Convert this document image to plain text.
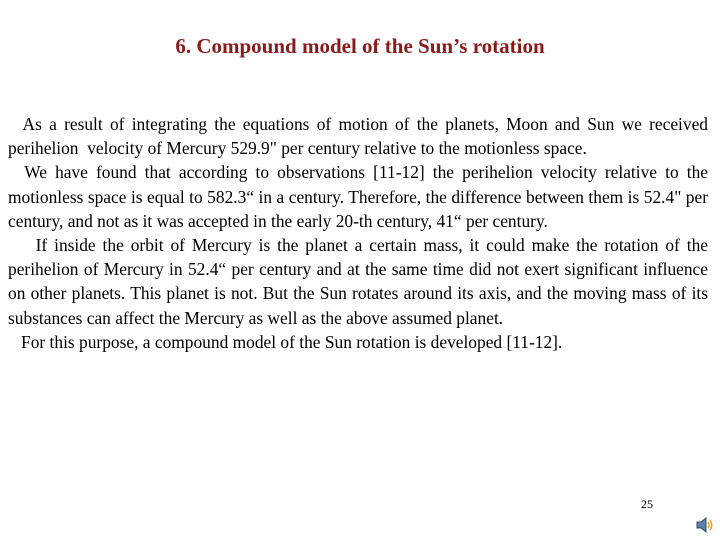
6. Compound model of the Sun’s rotation

As a result of integrating the equations of motion of the planets, Moon and Sun we received perihelion  velocity of Mercury 529.9" per century relative to the motionless space.

We have found that according to observations [11-12] the perihelion velocity relative to the motionless space is equal to 582.3“ in a century. Therefore, the difference between them is 52.4" per century, and not as it was accepted in the early 20-th century, 41“ per century.

If inside the orbit of Mercury is the planet a certain mass, it could make the rotation of the perihelion of Mercury in 52.4“ per century and at the same time did not exert significant influence on other planets. This planet is not. But the Sun rotates around its axis, and the moving mass of its substances can affect the Mercury as well as the above assumed planet.

For this purpose, a compound model of the Sun rotation is developed [11-12].

25
